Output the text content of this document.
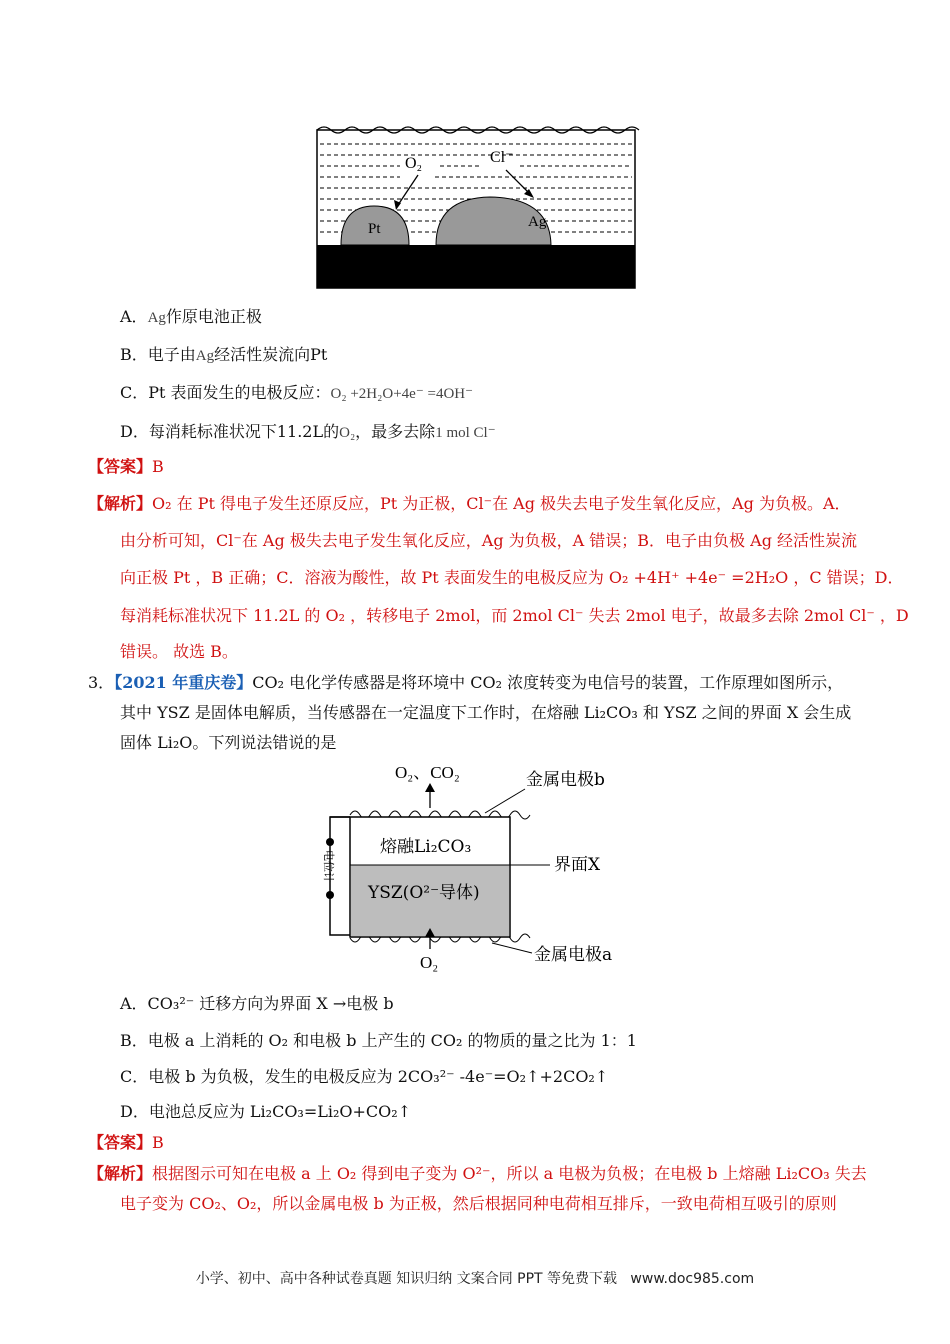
Pt	Ag
O₂	Cl⁻
A．Ag作原电池正极
B．电子由Ag经活性炭流向Pt
C．Pt 表面发生的电极反应：O₂ +2H₂O+4e⁻ =4OH⁻
D．每消耗标准状况下11.2L的O₂，最多去除1 mol Cl⁻
【答案】B
【解析】O₂ 在 Pt 得电子发生还原反应，Pt 为正极，Cl⁻在 Ag 极失去电子发生氧化反应，Ag 为负极。A．
由分析可知，Cl⁻在 Ag 极失去电子发生氧化反应，Ag 为负极，A 错误；B．电子由负极 Ag 经活性炭流
向正极 Pt ，B 正确；C．溶液为酸性，故 Pt 表面发生的电极反应为 O₂ +4H⁺ +4e⁻ =2H₂O ，C 错误；D．
每消耗标准状况下 11.2L 的 O₂ ，转移电子 2mol，而 2mol Cl⁻ 失去 2mol 电子，故最多去除 2mol Cl⁻ ，D
错误。 故选 B。
3．【2021 年重庆卷】CO₂ 电化学传感器是将环境中 CO₂ 浓度转变为电信号的装置，工作原理如图所示，
其中 YSZ 是固体电解质，当传感器在一定温度下工作时，在熔融 Li₂CO₃ 和 YSZ 之间的界面 X 会生成
固体 Li₂O。下列说法错说的是
O₂、CO₂	金属电极b
电位计
熔融Li₂CO₃
YSZ(O²⁻导体)
界面X
金属电极a
O₂
A．CO₃²⁻ 迁移方向为界面 X →电极 b
B．电极 a 上消耗的 O₂ 和电极 b 上产生的 CO₂ 的物质的量之比为 1：1
C．电极 b 为负极，发生的电极反应为 2CO₃²⁻ -4e⁻=O₂↑+2CO₂↑
D．电池总反应为 Li₂CO₃=Li₂O+CO₂↑
【答案】B
【解析】根据图示可知在电极 a 上 O₂ 得到电子变为 O²⁻，所以 a 电极为负极；在电极 b 上熔融 Li₂CO₃ 失去
电子变为 CO₂、O₂，所以金属电极 b 为正极，然后根据同种电荷相互排斥，一致电荷相互吸引的原则
小学、初中、高中各种试卷真题 知识归纳 文案合同 PPT 等免费下载 www.doc985.com
